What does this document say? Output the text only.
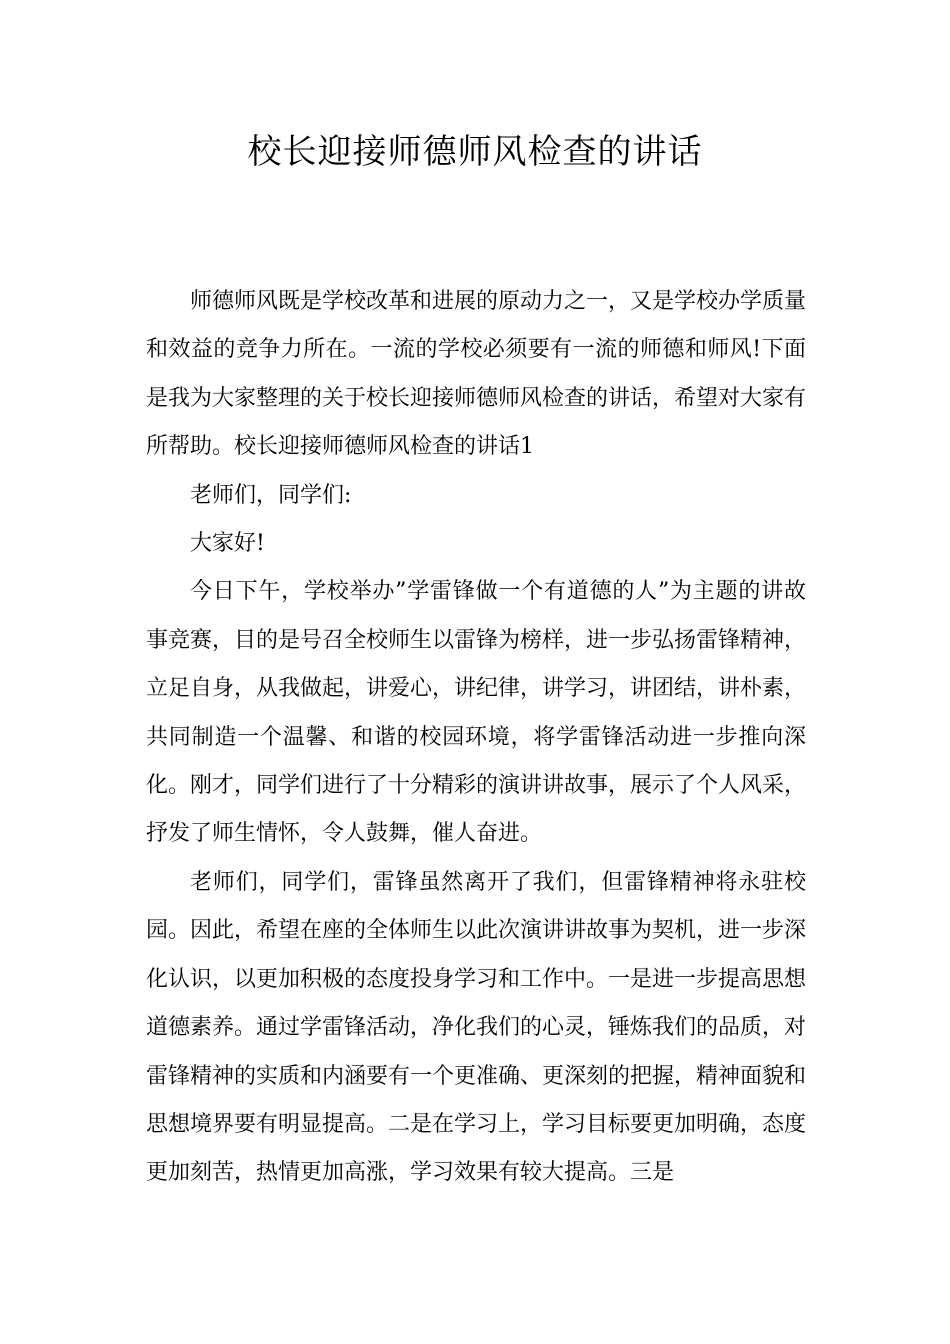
校长迎接师德师风检查的讲话

师德师风既是学校改革和进展的原动力之一，又是学校办学质量和效益的竞争力所在。一流的学校必须要有一流的师德和师风!下面是我为大家整理的关于校长迎接师德师风检查的讲话，希望对大家有所帮助。校长迎接师德师风检查的讲话1

老师们，同学们:

大家好!

今日下午，学校举办”学雷锋做一个有道德的人”为主题的讲故事竞赛，目的是号召全校师生以雷锋为榜样，进一步弘扬雷锋精神，立足自身，从我做起，讲爱心，讲纪律，讲学习，讲团结，讲朴素，共同制造一个温馨、和谐的校园环境，将学雷锋活动进一步推向深化。刚才，同学们进行了十分精彩的演讲讲故事，展示了个人风采，抒发了师生情怀，令人鼓舞，催人奋进。

老师们，同学们，雷锋虽然离开了我们，但雷锋精神将永驻校园。因此，希望在座的全体师生以此次演讲讲故事为契机，进一步深化认识，以更加积极的态度投身学习和工作中。一是进一步提高思想道德素养。通过学雷锋活动，净化我们的心灵，锤炼我们的品质，对雷锋精神的实质和内涵要有一个更准确、更深刻的把握，精神面貌和思想境界要有明显提高。二是在学习上，学习目标要更加明确，态度更加刻苦，热情更加高涨，学习效果有较大提高。三是
